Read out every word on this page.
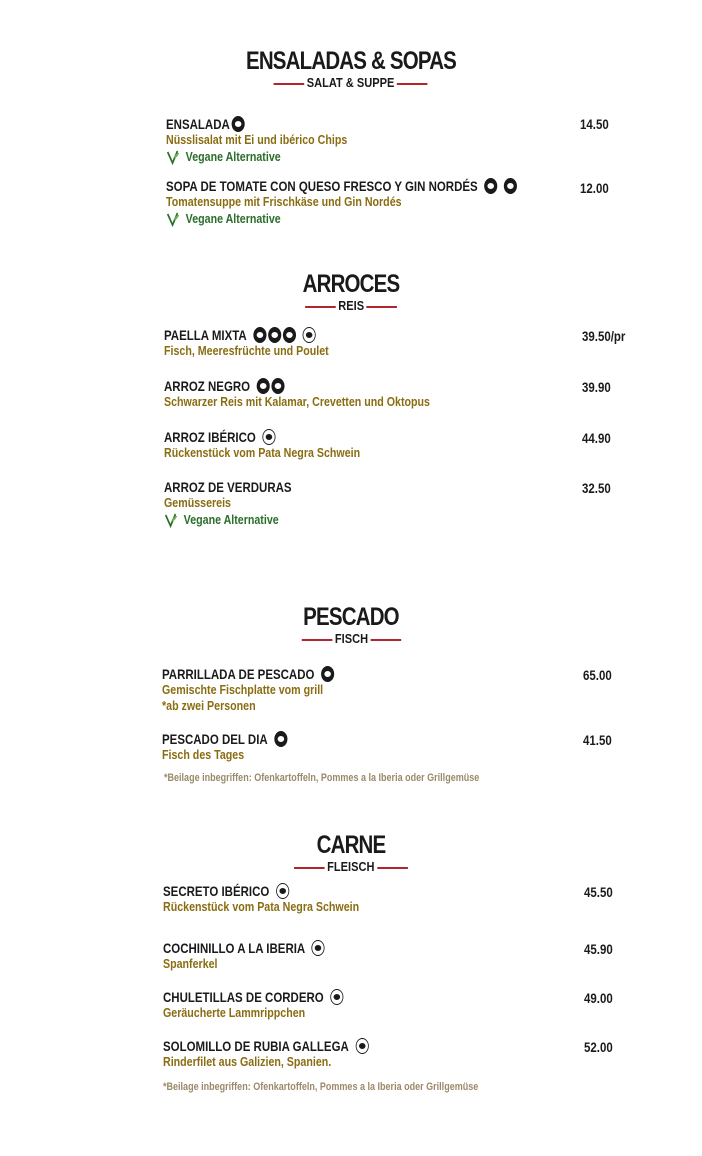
ENSALADAS & SOPAS
SALAT & SUPPE
ENSALADA
Nüsslisalat mit Ei und ibérico Chips
Vegane Alternative
14.50
SOPA DE TOMATE CON QUESO FRESCO Y GIN NORDÉS
Tomatensuppe mit Frischkäse und Gin Nordés
Vegane Alternative
12.00
ARROCES
REIS
PAELLA MIXTA
Fisch, Meeresfrüchte und Poulet
39.50/pr
ARROZ NEGRO
Schwarzer Reis mit Kalamar, Crevetten und Oktopus
39.90
ARROZ IBÉRICO
Rückenstück vom Pata Negra Schwein
44.90
ARROZ DE VERDURAS
Gemüssereis
Vegane Alternative
32.50
PESCADO
FISCH
PARRILLADA DE PESCADO
Gemischte Fischplatte vom grill
*ab zwei Personen
65.00
PESCADO DEL DIA
Fisch des Tages
41.50
*Beilage inbegriffen: Ofenkartoffeln, Pommes a la Iberia oder Grillgemüse
CARNE
FLEISCH
SECRETO IBÉRICO
Rückenstück vom Pata Negra Schwein
45.50
COCHINILLO A LA IBERIA
Spanferkel
45.90
CHULETILLAS DE CORDERO
Geräucherte Lammrippchen
49.00
SOLOMILLO DE RUBIA GALLEGA
Rinderfilet aus Galizien, Spanien.
52.00
*Beilage inbegriffen: Ofenkartoffeln, Pommes a la Iberia oder Grillgemüse
